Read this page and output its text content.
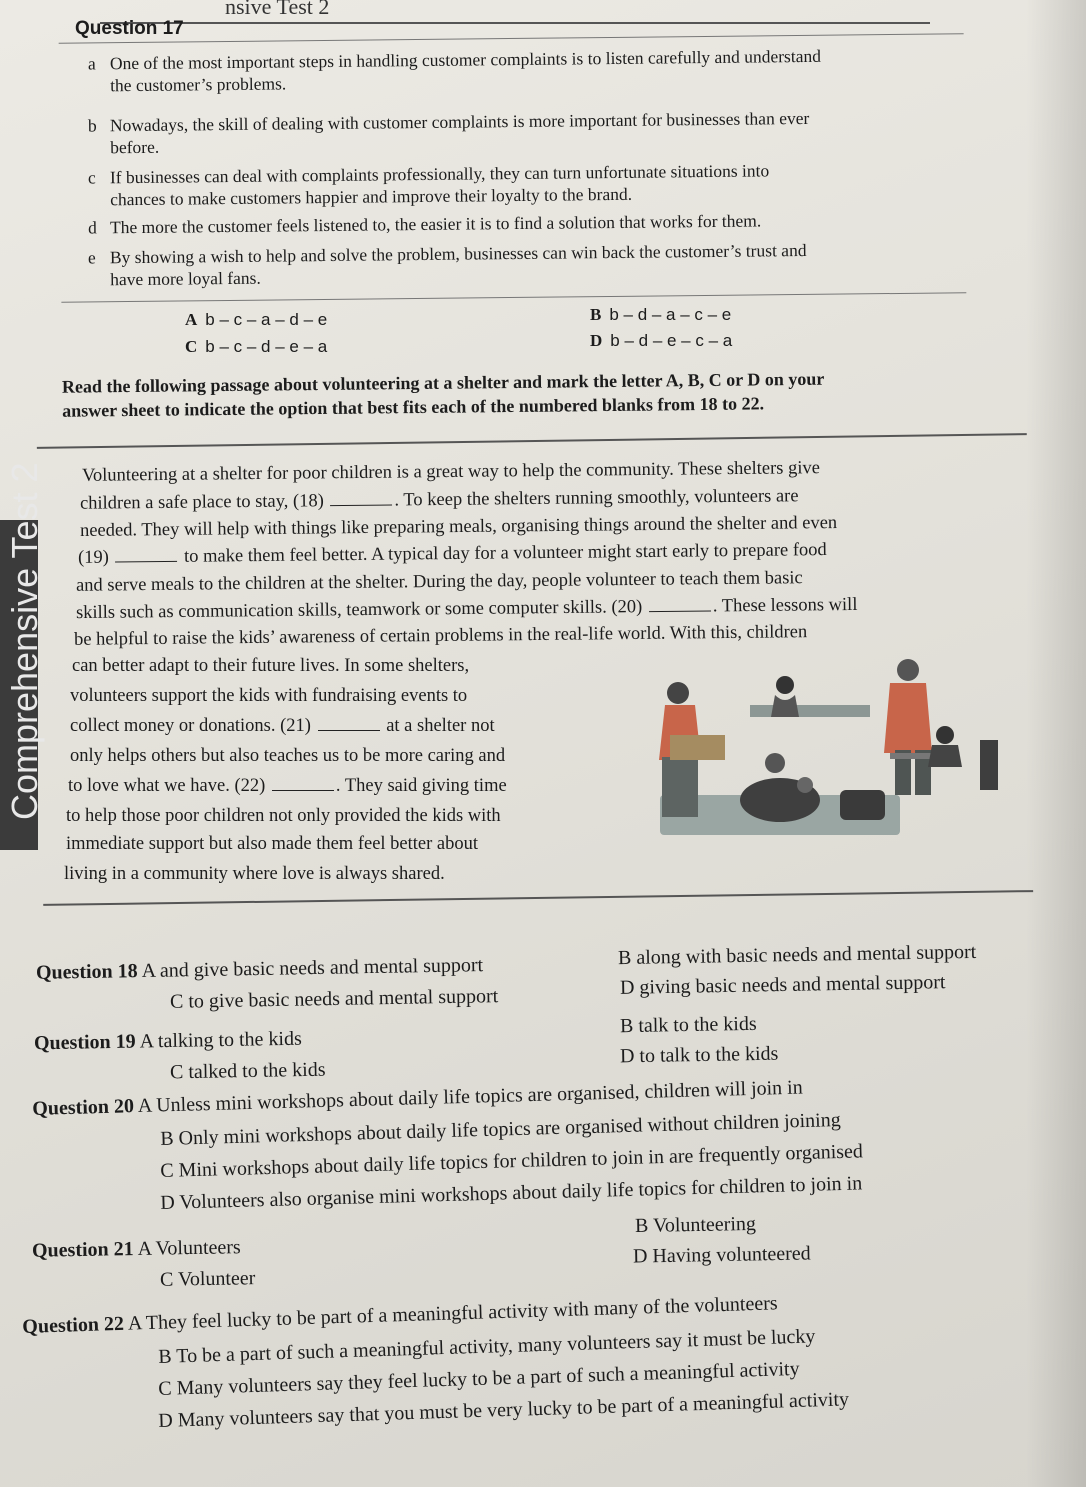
nsive Test 2
Question 17
a One of the most important steps in handling customer complaints is to listen carefully and understand
the customer’s problems.
b Nowadays, the skill of dealing with customer complaints is more important for businesses than ever
before.
c If businesses can deal with complaints professionally, they can turn unfortunate situations into
chances to make customers happier and improve their loyalty to the brand.
d The more the customer feels listened to, the easier it is to find a solution that works for them.
e By showing a wish to help and solve the problem, businesses can win back the customer’s trust and
have more loyal fans.
A b – c – a – d – e	B b – d – a – c – e
C b – c – d – e – a	D b – d – e – c – a
Read the following passage about volunteering at a shelter and mark the letter A, B, C or D on your
answer sheet to indicate the option that best fits each of the numbered blanks from 18 to 22.
Comprehensive Test 2 Volunteering at a shelter for poor children is a great way to help the community. These shelters give
children a safe place to stay, (18)	. To keep the shelters running smoothly, volunteers are
needed. They will help with things like preparing meals, organising things around the shelter and even
(19)	to make them feel better. A typical day for a volunteer might start early to prepare food
and serve meals to the children at the shelter. During the day, people volunteer to teach them basic
skills such as communication skills, teamwork or some computer skills. (20)	. These lessons will
be helpful to raise the kids’ awareness of certain problems in the real-life world. With this, children
can better adapt to their future lives. In some shelters,
volunteers support the kids with fundraising events to
collect money or donations. (21)	at a shelter not
only helps others but also teaches us to be more caring and
to love what we have. (22)	. They said giving time
to help those poor children not only provided the kids with
immediate support but also made them feel better about
living in a community where love is always shared.
Question 18 A and give basic needs and mental support	B along with basic needs and mental support
C to give basic needs and mental support
D giving basic needs and mental support
Question 19 A talking to the kids
B talk to the kids
C talked to the kids
D to talk to the kids
Question 20 A Unless mini workshops about daily life topics are organised, children will join in
B Only mini workshops about daily life topics are organised without children joining
C Mini workshops about daily life topics for children to join in are frequently organised
D Volunteers also organise mini workshops about daily life topics for children to join in
Question 21 A Volunteers
B Volunteering
C Volunteer
D Having volunteered
Question 22 A They feel lucky to be part of a meaningful activity with many of the volunteers
B To be a part of such a meaningful activity, many volunteers say it must be lucky
C Many volunteers say they feel lucky to be a part of such a meaningful activity
D Many volunteers say that you must be very lucky to be part of a meaningful activity
